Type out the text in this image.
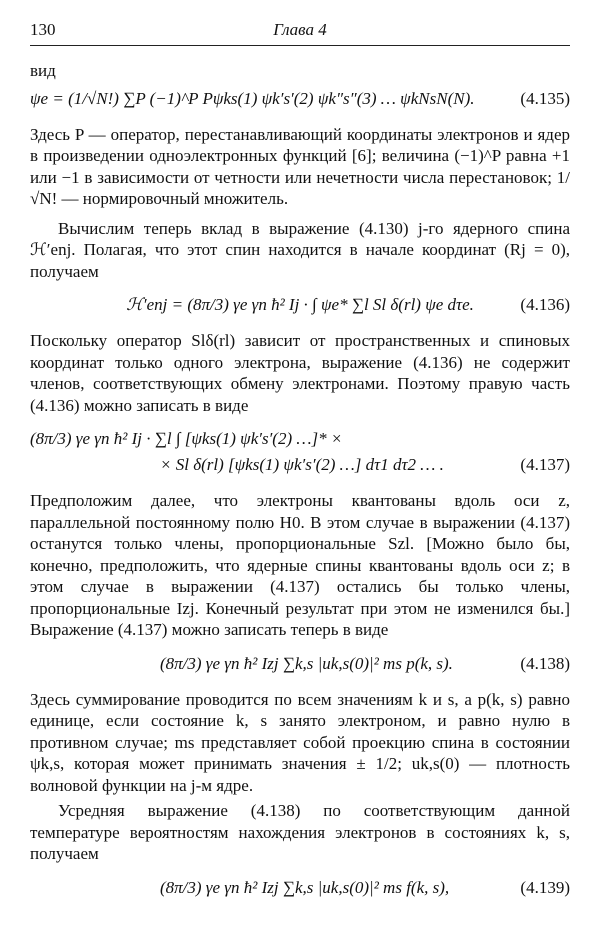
130	Глава 4

вид

ψe = (1/√N!) ∑P (−1)^P Pψks(1) ψk′s′(2) ψk″s″(3) … ψkNsN(N).	(4.135)

Здесь P — оператор, перестанавливающий координаты электронов и ядер в произведении одноэлектронных функций [6]; величина (−1)^P равна +1 или −1 в зависимости от четности или нечетности числа перестановок; 1/√N! — нормировочный множитель.

Вычислим теперь вклад в выражение (4.130) j-го ядерного спина ℋ′enj. Полагая, что этот спин находится в начале координат (Rj = 0), получаем

ℋ′enj = (8π/3) γe γn ħ² Ij · ∫ ψe* ∑l Sl δ(rl) ψe dτe.	(4.136)

Поскольку оператор Slδ(rl) зависит от пространственных и спиновых координат только одного электрона, выражение (4.136) не содержит членов, соответствующих обмену электронами. Поэтому правую часть (4.136) можно записать в виде

(8π/3) γe γn ħ² Ij · ∑l ∫ [ψks(1) ψk′s′(2) …]* ×
× Sl δ(rl) [ψks(1) ψk′s′(2) …] dτ1 dτ2 … .	(4.137)

Предположим далее, что электроны квантованы вдоль оси z, параллельной постоянному полю H0. В этом случае в выражении (4.137) останутся только члены, пропорциональные Szl. [Можно было бы, конечно, предположить, что ядерные спины квантованы вдоль оси z; в этом случае в выражении (4.137) остались бы только члены, пропорциональные Izj. Конечный результат при этом не изменился бы.] Выражение (4.137) можно записать теперь в виде

(8π/3) γe γn ħ² Izj ∑k,s |uk,s(0)|² ms p(k, s).	(4.138)

Здесь суммирование проводится по всем значениям k и s, а p(k, s) равно единице, если состояние k, s занято электроном, и равно нулю в противном случае; ms представляет собой проекцию спина в состоянии ψk,s, которая может принимать значения ± 1/2; uk,s(0) — плотность волновой функции на j-м ядре.

Усредняя выражение (4.138) по соответствующим данной температуре вероятностям нахождения электронов в состояниях k, s, получаем

(8π/3) γe γn ħ² Izj ∑k,s |uk,s(0)|² ms f(k, s),	(4.139)
